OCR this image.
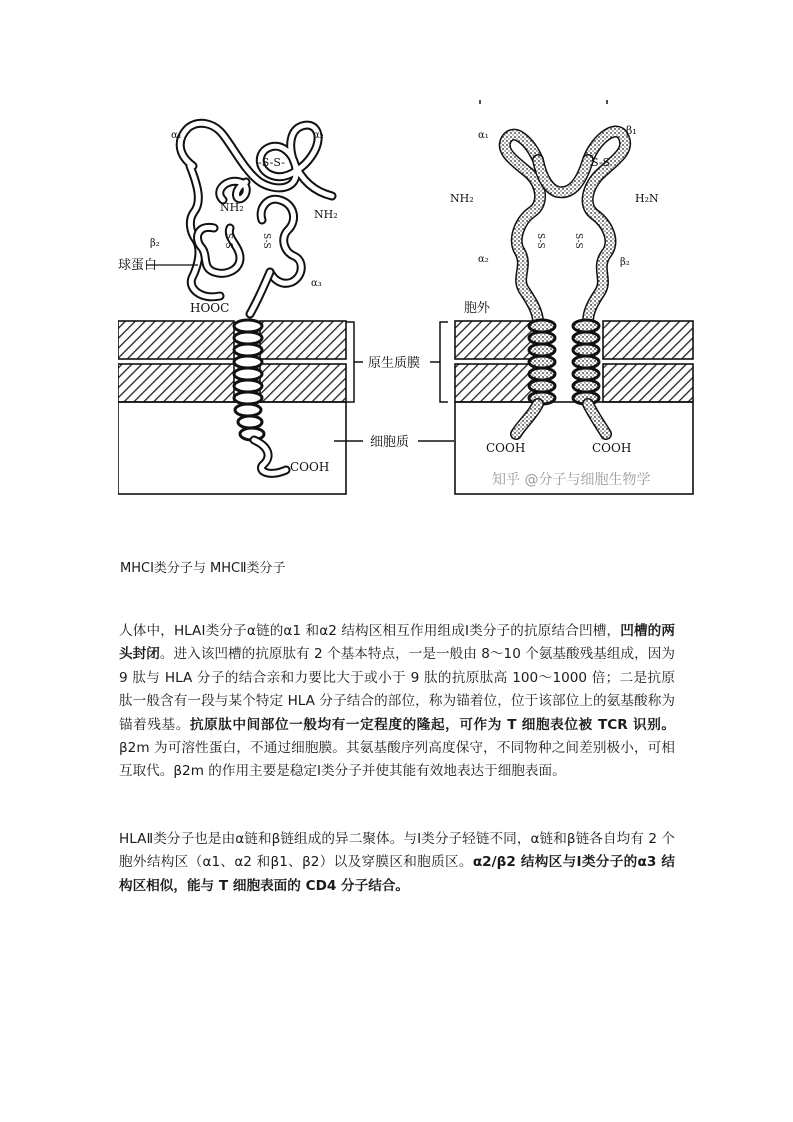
α₁	α₂
-S-S-
NH₂
NH₂
β₂
球蛋白
S-S	S-S
α₃
HOOC
COOH
原生质膜
细胞质
α₁	β₁
S-S
NH₂	H₂N
α₂	β₂
S-S	S-S
胞外
COOH	COOH
知乎 @分子与细胞生物学
MHCⅠ类分子与 MHCⅡ类分子

人体中，HLAⅠ类分子α链的α1 和α2 结构区相互作用组成Ⅰ类分子的抗原结合凹槽，凹槽的两头封闭。进入该凹槽的抗原肽有 2 个基本特点，一是一般由 8～10 个氨基酸残基组成，因为 9 肽与 HLA 分子的结合亲和力要比大于或小于 9 肽的抗原肽高 100～1000 倍；二是抗原肽一般含有一段与某个特定 HLA 分子结合的部位，称为锚着位，位于该部位上的氨基酸称为锚着残基。抗原肽中间部位一般均有一定程度的隆起，可作为 T 细胞表位被 TCR 识别。β2m 为可溶性蛋白，不通过细胞膜。其氨基酸序列高度保守，不同物种之间差别极小，可相互取代。β2m 的作用主要是稳定Ⅰ类分子并使其能有效地表达于细胞表面。

HLAⅡ类分子也是由α链和β链组成的异二聚体。与Ⅰ类分子轻链不同，α链和β链各自均有 2 个胞外结构区（α1、α2 和β1、β2）以及穿膜区和胞质区。α2/β2 结构区与Ⅰ类分子的α3 结构区相似，能与 T 细胞表面的 CD4 分子结合。
